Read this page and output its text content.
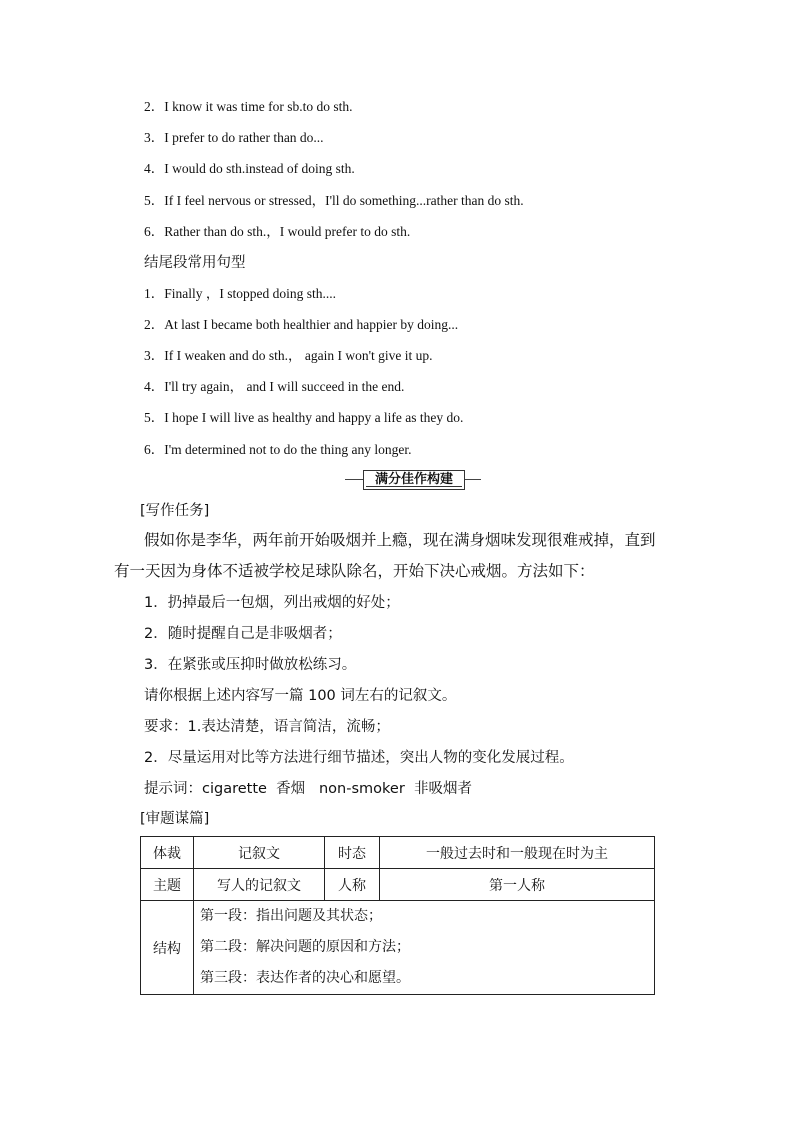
2．I know it was time for sb.to do sth.
3．I prefer to do rather than do...
4．I would do sth.instead of doing sth.
5．If I feel nervous or stressed，I'll do something...rather than do sth.
6．Rather than do sth.，I would prefer to do sth.
结尾段常用句型
1．Finally ，I stopped doing sth....
2．At last I became both healthier and happier by doing...
3．If I weaken and do sth.， again I won't give it up.
4．I'll try again， and I will succeed in the end.
5．I hope I will live as healthy and happy a life as they do.
6．I'm determined not to do the thing any longer.
满分佳作构建
[写作任务]
假如你是李华，两年前开始吸烟并上瘾，现在满身烟味发现很难戒掉，直到
有一天因为身体不适被学校足球队除名，开始下决心戒烟。方法如下：
1．扔掉最后一包烟，列出戒烟的好处；
2．随时提醒自己是非吸烟者；
3．在紧张或压抑时做放松练习。
请你根据上述内容写一篇 100 词左右的记叙文。
要求：1.表达清楚，语言简洁，流畅；
2．尽量运用对比等方法进行细节描述，突出人物的变化发展过程。
提示词：cigarette  香烟   non-smoker  非吸烟者
[审题谋篇]
体裁	记叙文	时态	一般过去时和一般现在时为主
主题	写人的记叙文	人称	第一人称
结构	第一段：指出问题及其状态；
第二段：解决问题的原因和方法；
第三段：表达作者的决心和愿望。		
